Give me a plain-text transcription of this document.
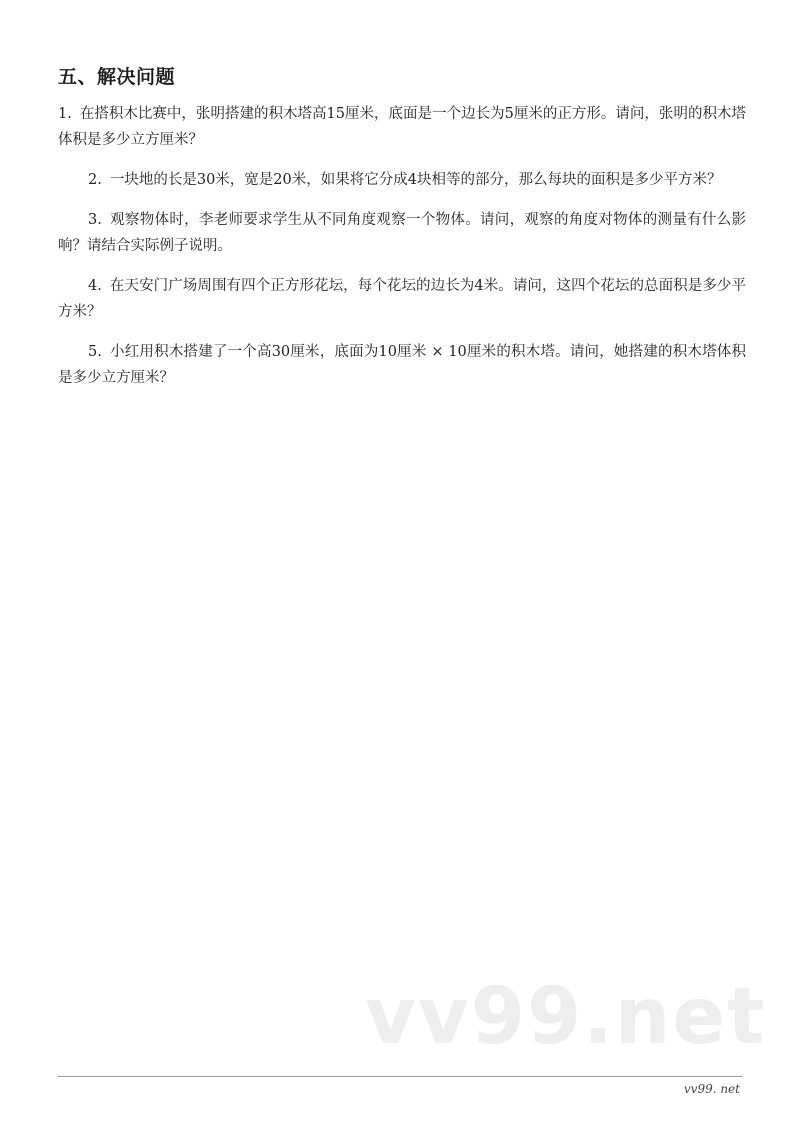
五、解决问题

1. 在搭积木比赛中，张明搭建的积木塔高15厘米，底面是一个边长为5厘米的正方形。请问，张明的积木塔体积是多少立方厘米？

2. 一块地的长是30米，宽是20米，如果将它分成4块相等的部分，那么每块的面积是多少平方米？

3. 观察物体时，李老师要求学生从不同角度观察一个物体。请问，观察的角度对物体的测量有什么影响？请结合实际例子说明。

4. 在天安门广场周围有四个正方形花坛，每个花坛的边长为4米。请问，这四个花坛的总面积是多少平方米？

5. 小红用积木搭建了一个高30厘米，底面为10厘米 × 10厘米的积木塔。请问，她搭建的积木塔体积是多少立方厘米？

vv99.net
vv99. net
